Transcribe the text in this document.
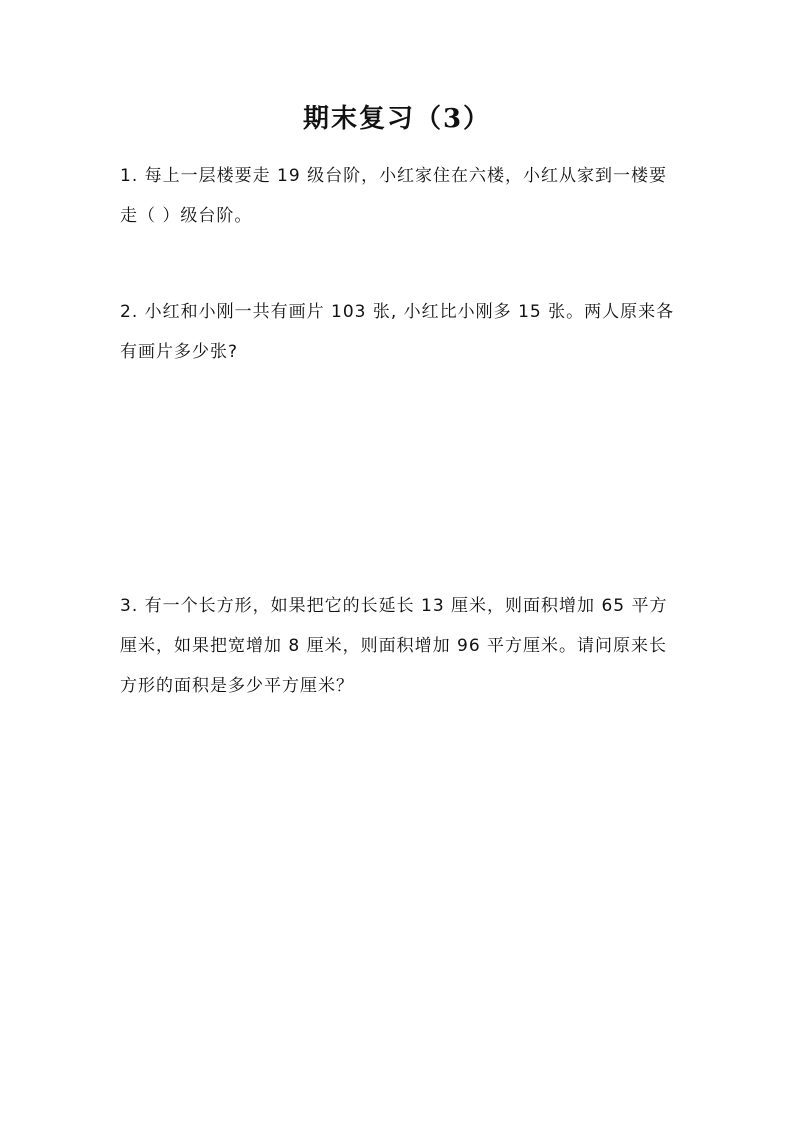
期末复习（3）
1. 每上一层楼要走 19 级台阶，小红家住在六楼，小红从家到一楼要走（ ）级台阶。
2. 小红和小刚一共有画片 103 张, 小红比小刚多 15 张。两人原来各有画片多少张?
3. 有一个长方形，如果把它的长延长 13 厘米，则面积增加 65 平方厘米，如果把宽增加 8 厘米，则面积增加 96 平方厘米。请问原来长方形的面积是多少平方厘米？
